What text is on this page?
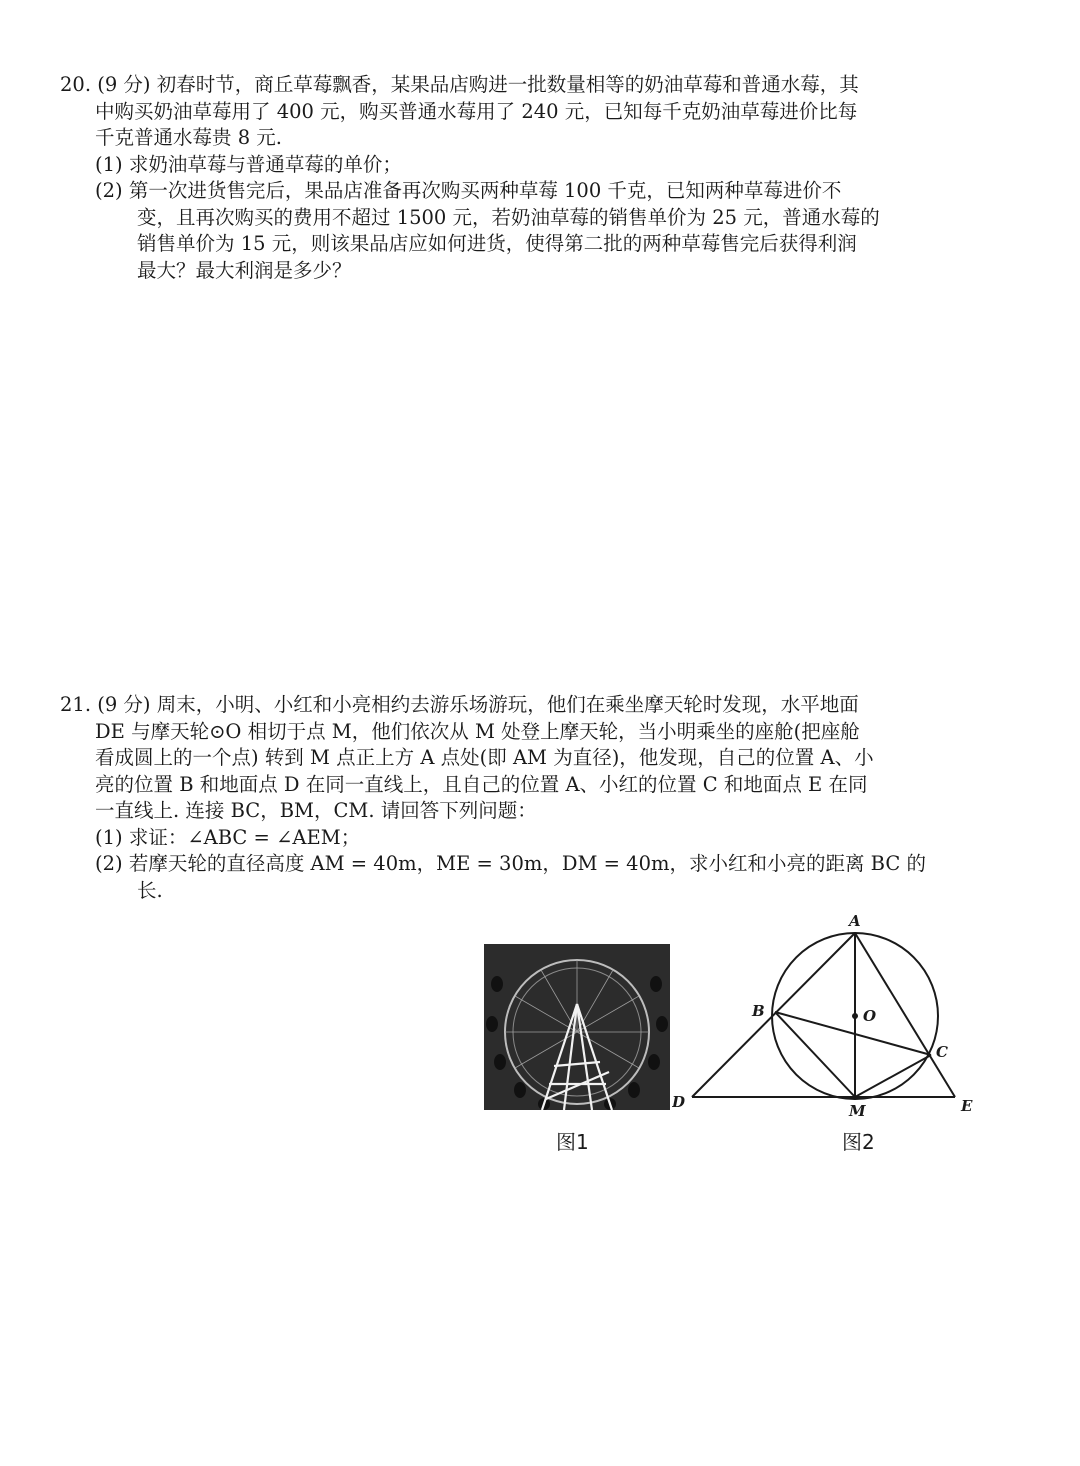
20. (9 分) 初春时节，商丘草莓飘香，某果品店购进一批数量相等的奶油草莓和普通水莓，其
中购买奶油草莓用了 400 元，购买普通水莓用了 240 元，已知每千克奶油草莓进价比每
千克普通水莓贵 8 元.
(1) 求奶油草莓与普通草莓的单价；
(2) 第一次进货售完后，果品店准备再次购买两种草莓 100 千克，已知两种草莓进价不
变，且再次购买的费用不超过 1500 元，若奶油草莓的销售单价为 25 元，普通水莓的
销售单价为 15 元，则该果品店应如何进货，使得第二批的两种草莓售完后获得利润
最大？最大利润是多少？
21. (9 分) 周末，小明、小红和小亮相约去游乐场游玩，他们在乘坐摩天轮时发现，水平地面
DE 与摩天轮⊙O 相切于点 M，他们依次从 M 处登上摩天轮，当小明乘坐的座舱(把座舱
看成圆上的一个点) 转到 M 点正上方 A 点处(即 AM 为直径)，他发现，自己的位置 A、小
亮的位置 B 和地面点 D 在同一直线上，且自己的位置 A、小红的位置 C 和地面点 E 在同
一直线上. 连接 BC，BM，CM. 请回答下列问题：
(1) 求证：∠ABC = ∠AEM；
(2) 若摩天轮的直径高度 AM = 40m，ME = 30m，DM = 40m，求小红和小亮的距离 BC 的
长.
A
B
C
O
D	M	E
图1	图2
